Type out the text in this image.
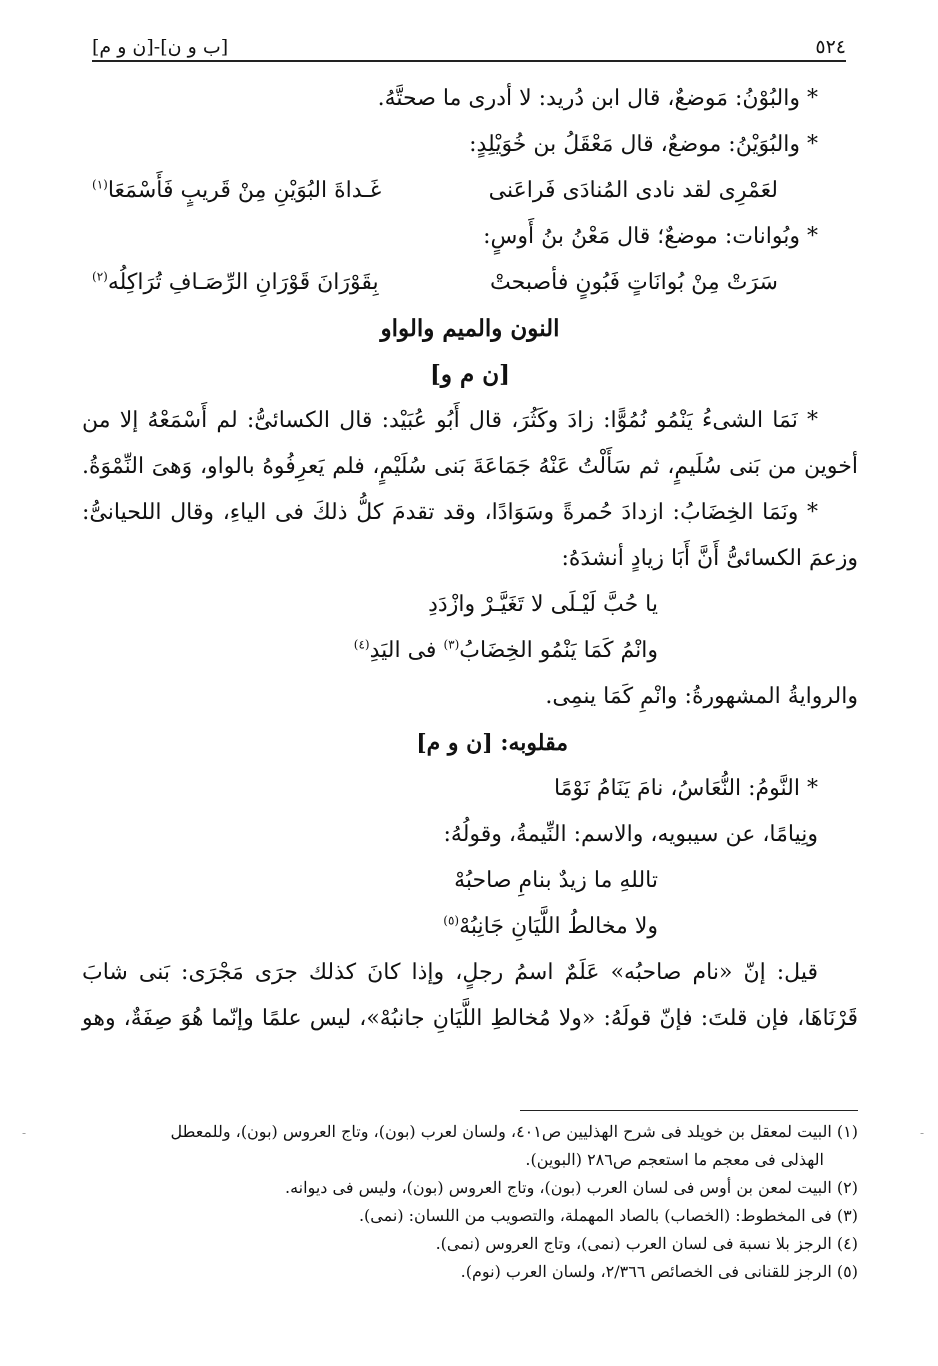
٥٢٤
[ب و ن]-[ن و م]
* والبُوْنُ: مَوضعٌ، قال ابن دُريد: لا أدرى ما صحتَّهُ.
* والبُوَيْنُ: موضعٌ، قال مَعْقَلُ بن خُوَيْلِدٍ:
لعَمْرِى لقد نادى المُنادَى فَراعَنى
غَـداةَ البُوَيْنِ مِنْ قَريبٍ فَأَسْمَعَا$^{(١)}$
* وبُوانات: موضعٌ؛ قال مَعْنُ بنُ أَوسٍ:
سَرَتْ مِنْ بُوانَاتٍ فَبُونٍ فأصبحتْ
بِقَوْرَانَ قَوْرَانِ الرِّصَـافِ تُرَاكِلُه$^{(٢)}$
النون والميم والواو
[ن م و]
* نَمَا الشىءُ يَنْمُو نُمُوًّا: زادَ وكَثُرَ، قال أَبُو عُبَيْد: قال الكسائىُّ: لم أَسْمَعْهُ إلا من
أخوين من بَنى سُلَيمٍ، ثم سَأَلْتُ عَنْهُ جَمَاعَةَ بَنى سُلَيْمٍ، فلم يَعرِفُوهُ بالواو، وَهىَ النِّمْوَةُ.
* ونَمَا الخِضَابُ: ازدادَ حُمرةً وسَوَادًا، وقد تقدمَ كلُّ ذلكَ فى الياءِ، وقال اللحيانىُّ:
وزعمَ الكسائىُّ أَنَّ أَبَا زيادٍ أنشدَهُ:
يا حُبَّ لَيْـلَى لا تَغَيَّـرْ وازْدَدِ
وانْمُ كَمَا يَنْمُو الخِضَابُ$^{(٣)}$ فى اليَدِ$^{(٤)}$
والروايةُ المشهورةُ: وانْمِ كَمَا ينمِى.
مقلوبه: [ن و م]
* النَّومُ: النُّعَاسُ، نامَ يَنَامُ نَوْمًا
ونِيامًا، عن سيبويه، والاسم: النِّيمةُ، وقولُهُ:
تاللهِ ما زيدٌ بنامِ صاحبُهْ
ولا مخالطُ اللَّيَانِ جَانِبُهْ$^{(٥)}$
قيل: إنّ «نام صاحبُه» عَلَمٌ اسمُ رجلٍ، وإذا كانَ كذلك جرَى مَجْرَى: بَنى شابَ
قَرْنَاهَا، فإن قلتَ: فإنّ قولَهُ: «ولا مُخالطِ اللَّيَانِ جانبُهْ»، ليس علمًا وإنّما هُوَ صِفَةٌ، وهو
(١) البيت لمعقل بن خويلد فى شرح الهذليين ص٤٠١، ولسان لعرب (بون)، وتاج العروس (بون)، وللمعطل
الهذلى فى معجم ما استعجم ص٢٨٦ (البوين).
(٢) البيت لمعن بن أوس فى لسان العرب (بون)، وتاج العروس (بون)، وليس فى ديوانه.
(٣) فى المخطوط: (الخصاب) بالصاد المهملة، والتصويب من اللسان: (نمى).
(٤) الرجز بلا نسبة فى لسان العرب (نمى)، وتاج العروس (نمى).
(٥) الرجز للقنانى فى الخصائص ٢/٣٦٦، ولسان العرب (نوم).
-	-
